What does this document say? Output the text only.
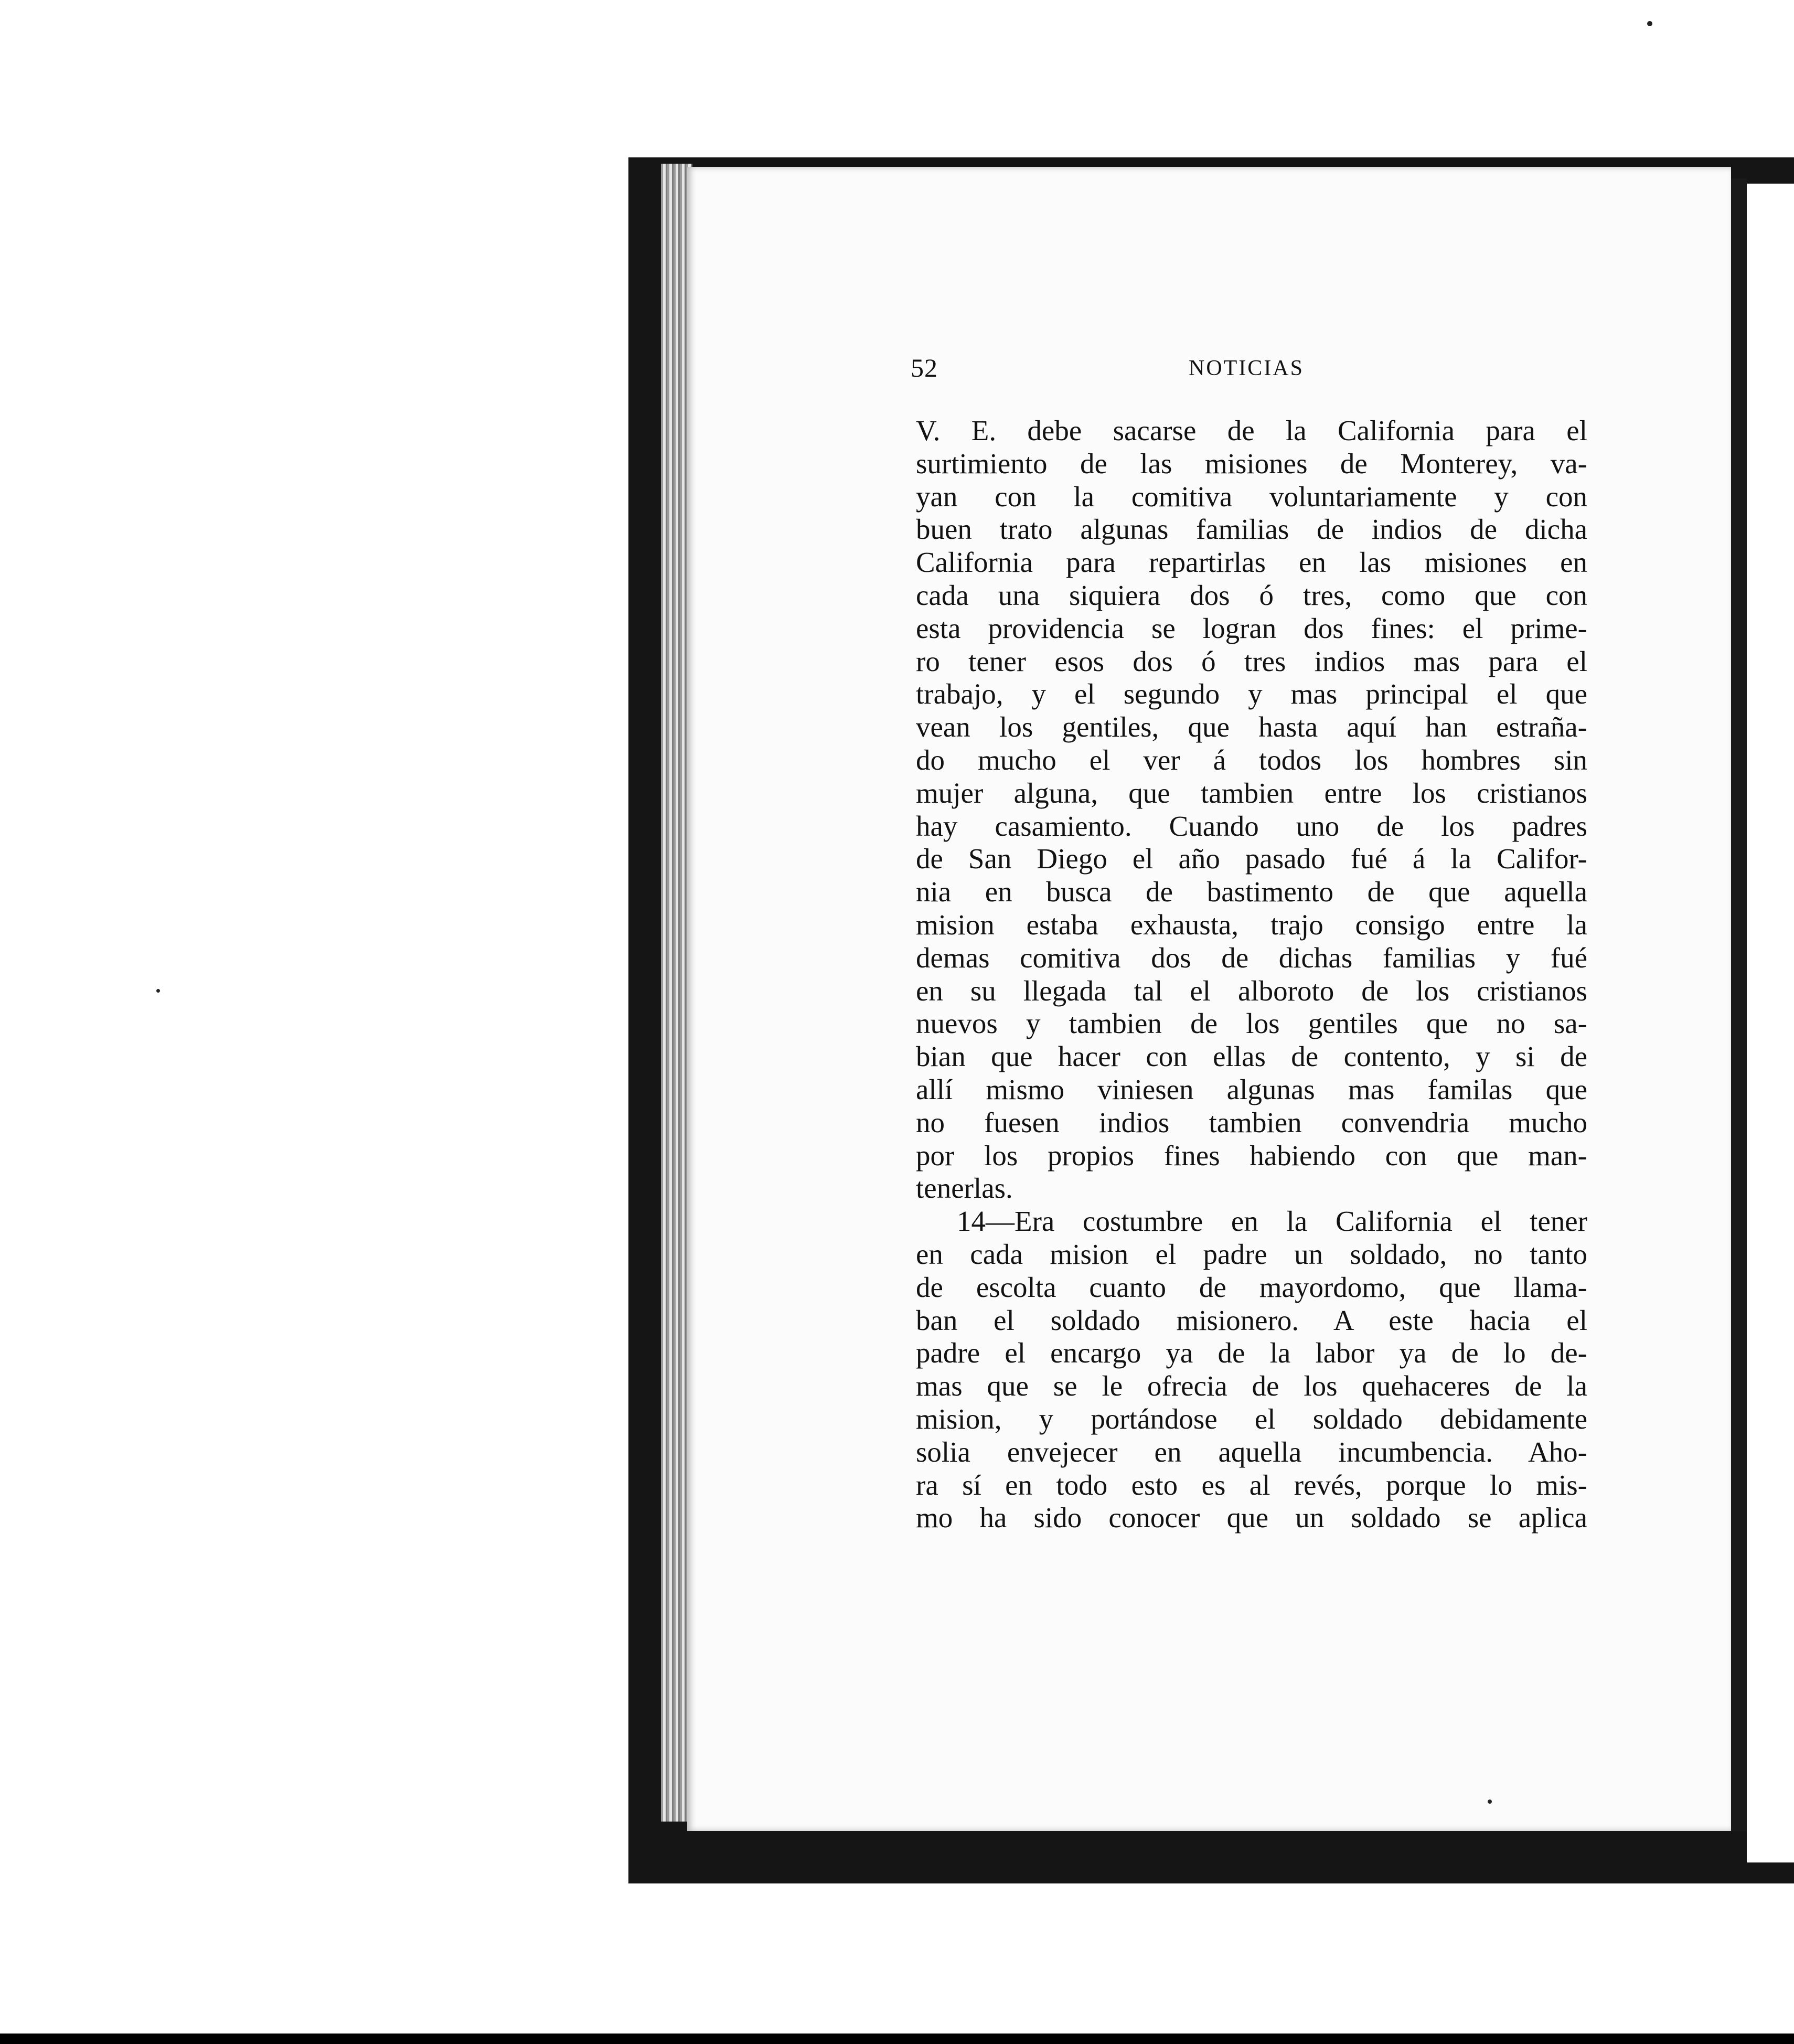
52	NOTICIAS
V. E. debe sacarse de la California para el
surtimiento de las misiones de Monterey, va-
yan con la comitiva voluntariamente y con
buen trato algunas familias de indios de dicha
California para repartirlas en las misiones en
cada una siquiera dos ó tres, como que con
esta providencia se logran dos fines: el prime-
ro tener esos dos ó tres indios mas para el
trabajo, y el segundo y mas principal el que
vean los gentiles, que hasta aquí han estraña-
do mucho el ver á todos los hombres sin
mujer alguna, que tambien entre los cristianos
hay casamiento. Cuando uno de los padres
de San Diego el año pasado fué á la Califor-
nia en busca de bastimento de que aquella
mision estaba exhausta, trajo consigo entre la
demas comitiva dos de dichas familias y fué
en su llegada tal el alboroto de los cristianos
nuevos y tambien de los gentiles que no sa-
bian que hacer con ellas de contento, y si de
allí mismo viniesen algunas mas familas que
no fuesen indios tambien convendria mucho
por los propios fines habiendo con que man-
tenerlas.
14—Era costumbre en la California el tener
en cada mision el padre un soldado, no tanto
de escolta cuanto de mayordomo, que llama-
ban el soldado misionero. A este hacia el
padre el encargo ya de la labor ya de lo de-
mas que se le ofrecia de los quehaceres de la
mision, y portándose el soldado debidamente
solia envejecer en aquella incumbencia. Aho-
ra sí en todo esto es al revés, porque lo mis-
mo ha sido conocer que un soldado se aplica
